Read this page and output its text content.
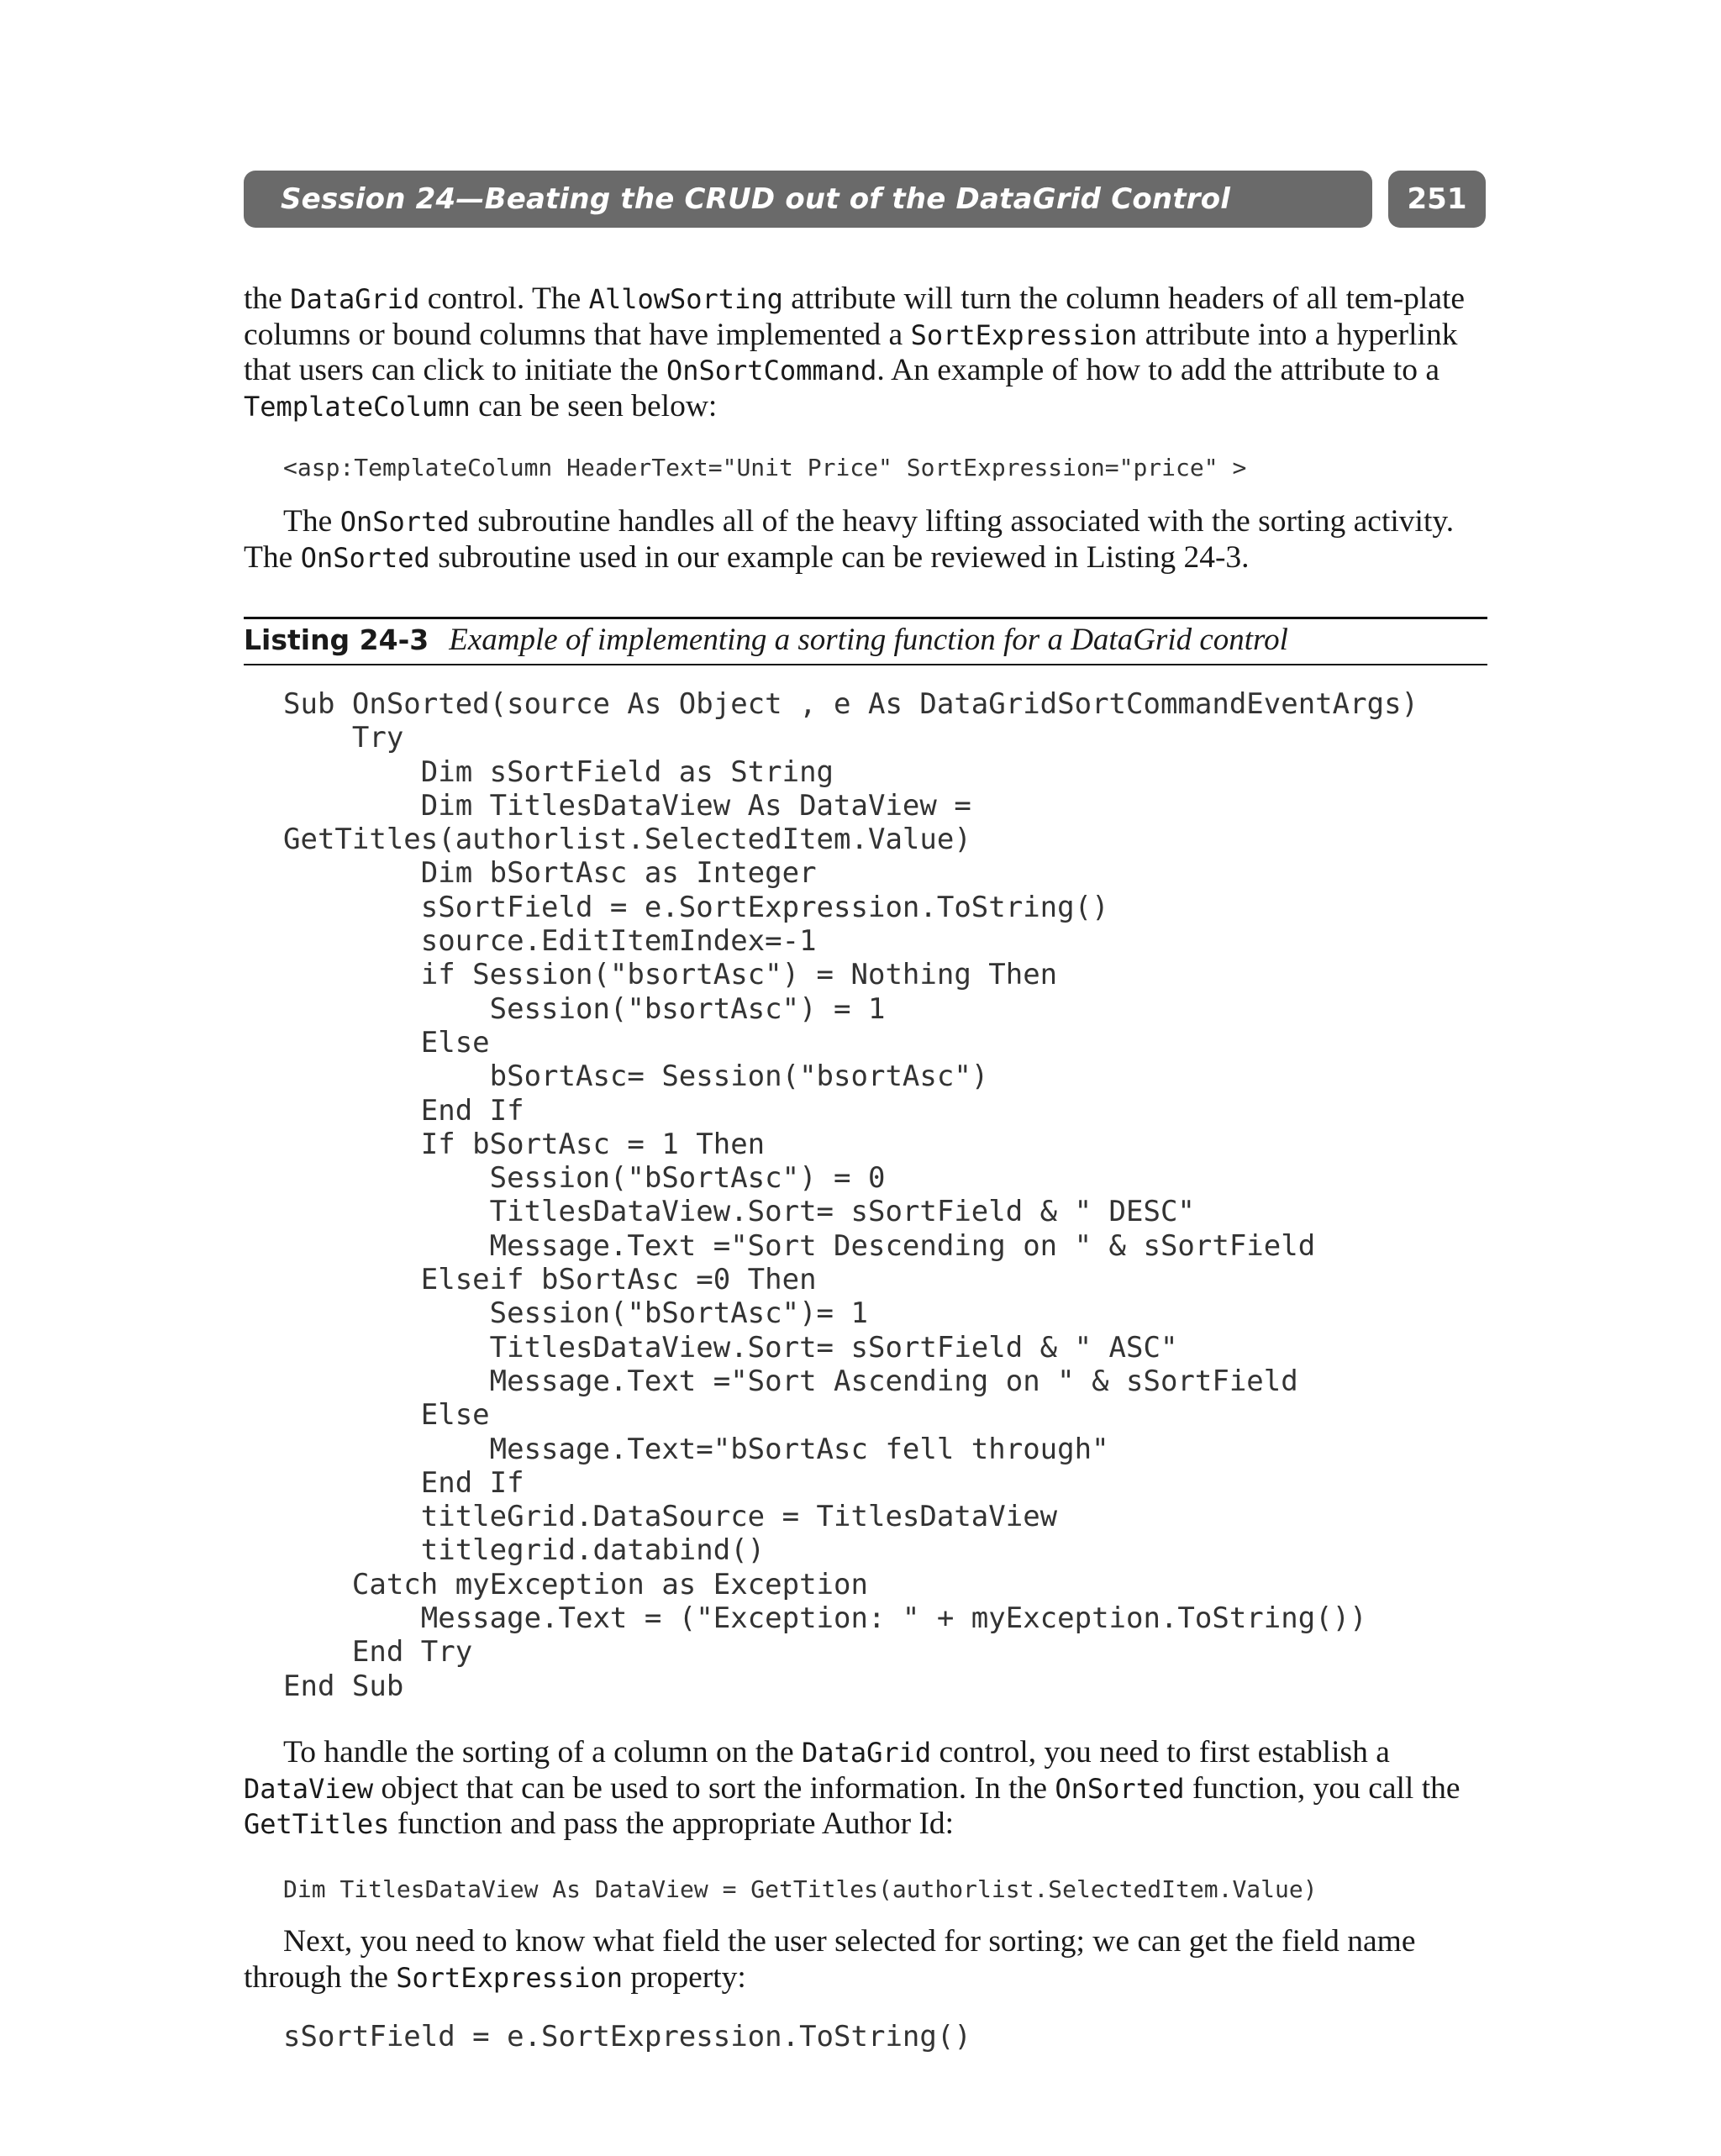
Session 24—Beating the CRUD out of the DataGrid Control	251

the DataGrid control. The AllowSorting attribute will turn the column headers of all tem-plate columns or bound columns that have implemented a SortExpression attribute into a hyperlink that users can click to initiate the OnSortCommand. An example of how to add the attribute to a TemplateColumn can be seen below:

<asp:TemplateColumn HeaderText="Unit Price" SortExpression="price" >

The OnSorted subroutine handles all of the heavy lifting associated with the sorting activity. The OnSorted subroutine used in our example can be reviewed in Listing 24-3.

Listing 24-3 Example of implementing a sorting function for a DataGrid control
Sub OnSorted(source As Object , e As DataGridSortCommandEventArgs)
Try
Dim sSortField as String
Dim TitlesDataView As DataView =
GetTitles(authorlist.SelectedItem.Value)
Dim bSortAsc as Integer
sSortField = e.SortExpression.ToString()
source.EditItemIndex=-1
if Session("bsortAsc") = Nothing Then
Session("bsortAsc") = 1
Else
bSortAsc= Session("bsortAsc")
End If
If bSortAsc = 1 Then
Session("bSortAsc") = 0
TitlesDataView.Sort= sSortField & " DESC"
Message.Text ="Sort Descending on " & sSortField
Elseif bSortAsc =0 Then
Session("bSortAsc")= 1
TitlesDataView.Sort= sSortField & " ASC"
Message.Text ="Sort Ascending on " & sSortField
Else
Message.Text="bSortAsc fell through"
End If
titleGrid.DataSource = TitlesDataView
titlegrid.databind()
Catch myException as Exception
Message.Text = ("Exception: " + myException.ToString())
End Try
End Sub

To handle the sorting of a column on the DataGrid control, you need to first establish a DataView object that can be used to sort the information. In the OnSorted function, you call the GetTitles function and pass the appropriate Author Id:

Dim TitlesDataView As DataView = GetTitles(authorlist.SelectedItem.Value)

Next, you need to know what field the user selected for sorting; we can get the field name through the SortExpression property:

sSortField = e.SortExpression.ToString()
